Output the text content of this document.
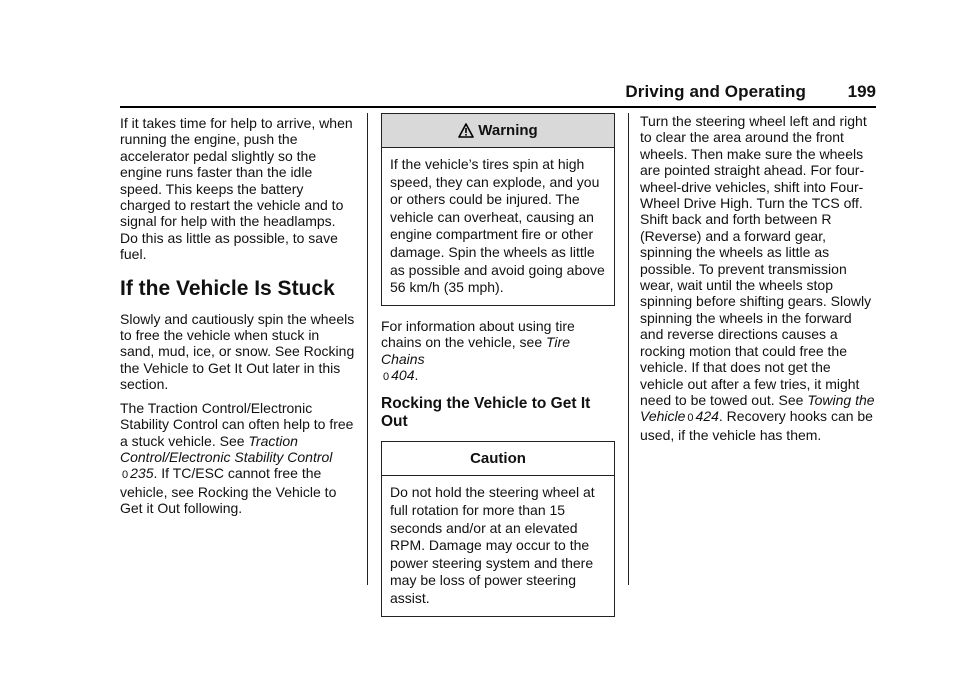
Driving and Operating 199

If it takes time for help to arrive, when running the engine, push the accelerator pedal slightly so the engine runs faster than the idle speed. This keeps the battery charged to restart the vehicle and to signal for help with the headlamps. Do this as little as possible, to save fuel.

If the Vehicle Is Stuck

Slowly and cautiously spin the wheels to free the vehicle when stuck in sand, mud, ice, or snow. See Rocking the Vehicle to Get It Out later in this section.

The Traction Control/Electronic Stability Control can often help to free a stuck vehicle. See Traction Control/Electronic Stability Control
0 235. If TC/ESC cannot free the vehicle, see Rocking the Vehicle to Get it Out following.

Warning
If the vehicle’s tires spin at high speed, they can explode, and you or others could be injured. The vehicle can overheat, causing an engine compartment fire or other damage. Spin the wheels as little as possible and avoid going above 56 km/h (35 mph).

For information about using tire chains on the vehicle, see Tire Chains
0 404.

Rocking the Vehicle to Get It Out
Caution
Do not hold the steering wheel at full rotation for more than 15 seconds and/or at an elevated RPM. Damage may occur to the power steering system and there may be loss of power steering assist.

Turn the steering wheel left and right to clear the area around the front wheels. Then make sure the wheels are pointed straight ahead. For four-wheel-drive vehicles, shift into Four-Wheel Drive High. Turn the TCS off. Shift back and forth between R (Reverse) and a forward gear, spinning the wheels as little as possible. To prevent transmission wear, wait until the wheels stop spinning before shifting gears. Slowly spinning the wheels in the forward and reverse directions causes a rocking motion that could free the vehicle. If that does not get the vehicle out after a few tries, it might need to be towed out. See Towing the Vehicle 0 424. Recovery hooks can be used, if the vehicle has them.
